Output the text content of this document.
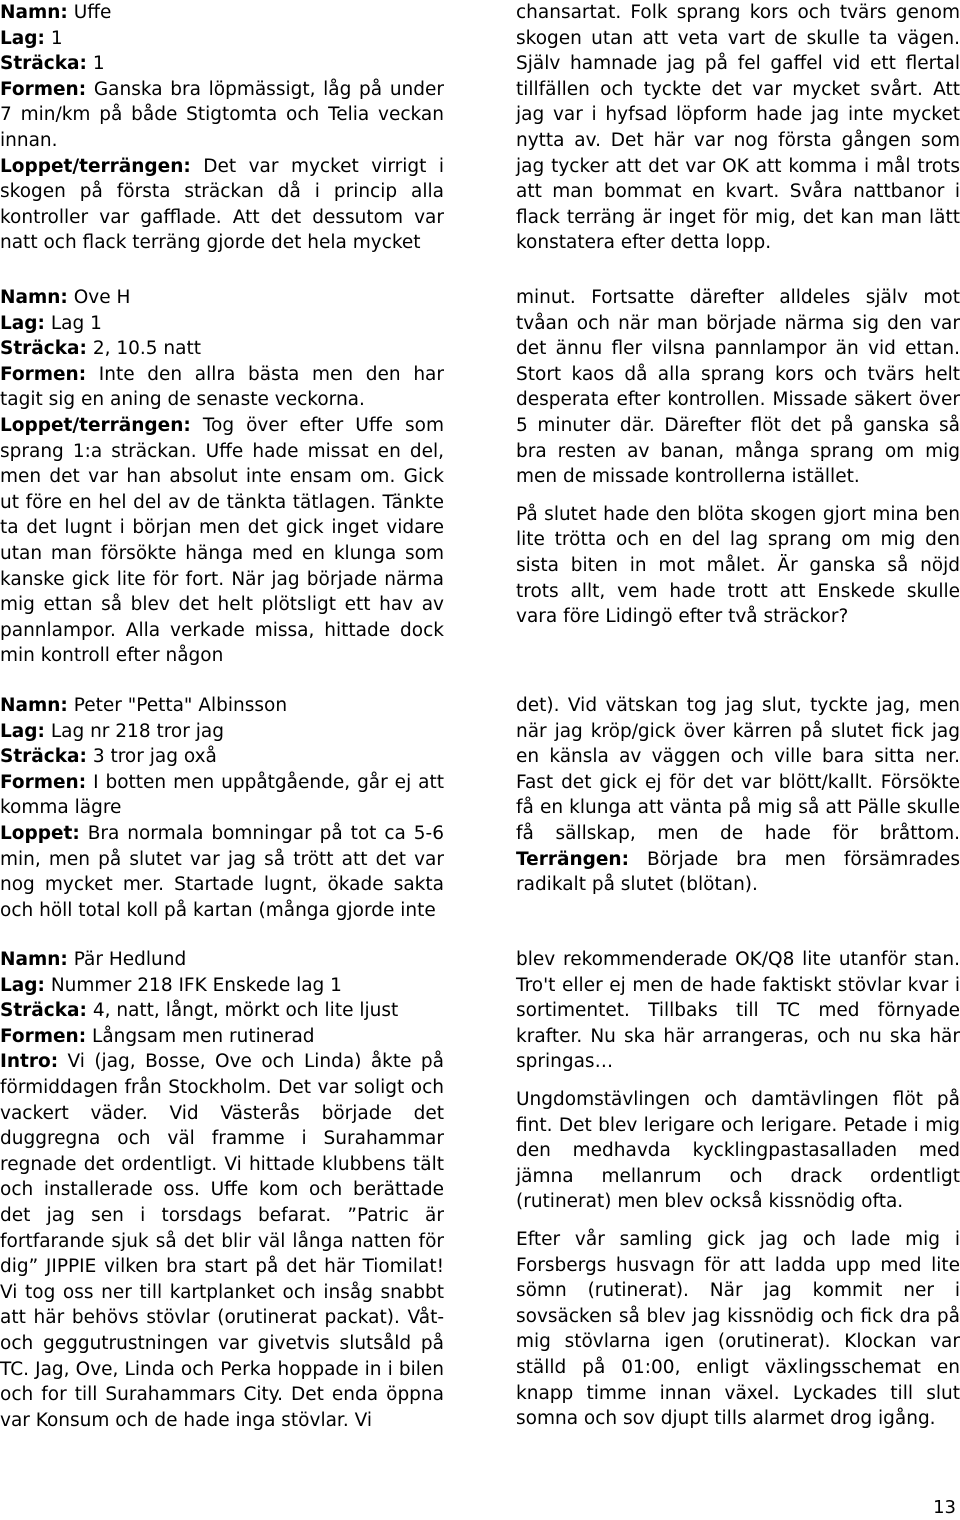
Namn: Uffe

Lag: 1

Sträcka: 1

Formen: Ganska bra löpmässigt, låg på under 7 min/km på både Stigtomta och Telia veckan innan.

Loppet/terrängen: Det var mycket virrigt i skogen på första sträckan då i princip alla kontroller var gafflade. Att det dessutom var natt och flack terräng gjorde det hela mycket

chansartat. Folk sprang kors och tvärs genom skogen utan att veta vart de skulle ta vägen. Själv hamnade jag på fel gaffel vid ett flertal tillfällen och tyckte det var mycket svårt. Att jag var i hyfsad löpform hade jag inte mycket nytta av. Det här var nog första gången som jag tycker att det var OK att komma i mål trots att man bommat en kvart. Svåra nattbanor i flack terräng är inget för mig, det kan man lätt konstatera efter detta lopp.

Namn: Ove H

Lag: Lag 1

Sträcka: 2, 10.5 natt

Formen: Inte den allra bästa men den har tagit sig en aning de senaste veckorna.

Loppet/terrängen: Tog över efter Uffe som sprang 1:a sträckan. Uffe hade missat en del, men det var han absolut inte ensam om. Gick ut före en hel del av de tänkta tätlagen. Tänkte ta det lugnt i början men det gick inget vidare utan man försökte hänga med en klunga som kanske gick lite för fort. När jag började närma mig ettan så blev det helt plötsligt ett hav av pannlampor. Alla verkade missa, hittade dock min kontroll efter någon

minut. Fortsatte därefter alldeles själv mot tvåan och när man började närma sig den var det ännu fler vilsna pannlampor än vid ettan. Stort kaos då alla sprang kors och tvärs helt desperata efter kontrollen. Missade säkert över 5 minuter där. Därefter flöt det på ganska så bra resten av banan, många sprang om mig men de missade kontrollerna istället.

På slutet hade den blöta skogen gjort mina ben lite trötta och en del lag sprang om mig den sista biten in mot målet. Är ganska så nöjd trots allt, vem hade trott att Enskede skulle vara före Lidingö efter två sträckor?

Namn: Peter "Petta" Albinsson

Lag: Lag nr 218 tror jag

Sträcka: 3 tror jag oxå

Formen: I botten men uppåtgående, går ej att komma lägre

Loppet: Bra normala bomningar på tot ca 5-6 min, men på slutet var jag så trött att det var nog mycket mer. Startade lugnt, ökade sakta och höll total koll på kartan (många gjorde inte

det). Vid vätskan tog jag slut, tyckte jag, men när jag kröp/gick över kärren på slutet fick jag en känsla av väggen och ville bara sitta ner. Fast det gick ej för det var blött/kallt. Försökte få en klunga att vänta på mig så att Pälle skulle få sällskap, men de hade för bråttom. Terrängen: Började bra men försämrades radikalt på slutet (blötan).

Namn: Pär Hedlund

Lag: Nummer 218 IFK Enskede lag 1

Sträcka: 4, natt, långt, mörkt och lite ljust

Formen: Långsam men rutinerad

Intro: Vi (jag, Bosse, Ove och Linda) åkte på förmiddagen från Stockholm. Det var soligt och vackert väder. Vid Västerås började det duggregna och väl framme i Surahammar regnade det ordentligt. Vi hittade klubbens tält och installerade oss. Uffe kom och berättade det jag sen i torsdags befarat. ”Patric är fortfarande sjuk så det blir väl långa natten för dig” JIPPIE vilken bra start på det här Tiomilat! Vi tog oss ner till kartplanket och insåg snabbt att här behövs stövlar (orutinerat packat). Våt- och geggutrustningen var givetvis slutsåld på TC. Jag, Ove, Linda och Perka hoppade in i bilen och for till Surahammars City. Det enda öppna var Konsum och de hade inga stövlar. Vi

blev rekommenderade OK/Q8 lite utanför stan. Tro't eller ej men de hade faktiskt stövlar kvar i sortimentet. Tillbaks till TC med förnyade krafter. Nu ska här arrangeras, och nu ska här springas…

Ungdomstävlingen och damtävlingen flöt på fint. Det blev lerigare och lerigare. Petade i mig den medhavda kycklingpastasalladen med jämna mellanrum och drack ordentligt (rutinerat) men blev också kissnödig ofta.

Efter vår samling gick jag och lade mig i Forsbergs husvagn för att ladda upp med lite sömn (rutinerat). När jag kommit ner i sovsäcken så blev jag kissnödig och fick dra på mig stövlarna igen (orutinerat). Klockan var ställd på 01:00, enligt växlingsschemat en knapp timme innan växel. Lyckades till slut somna och sov djupt tills alarmet drog igång.

13
